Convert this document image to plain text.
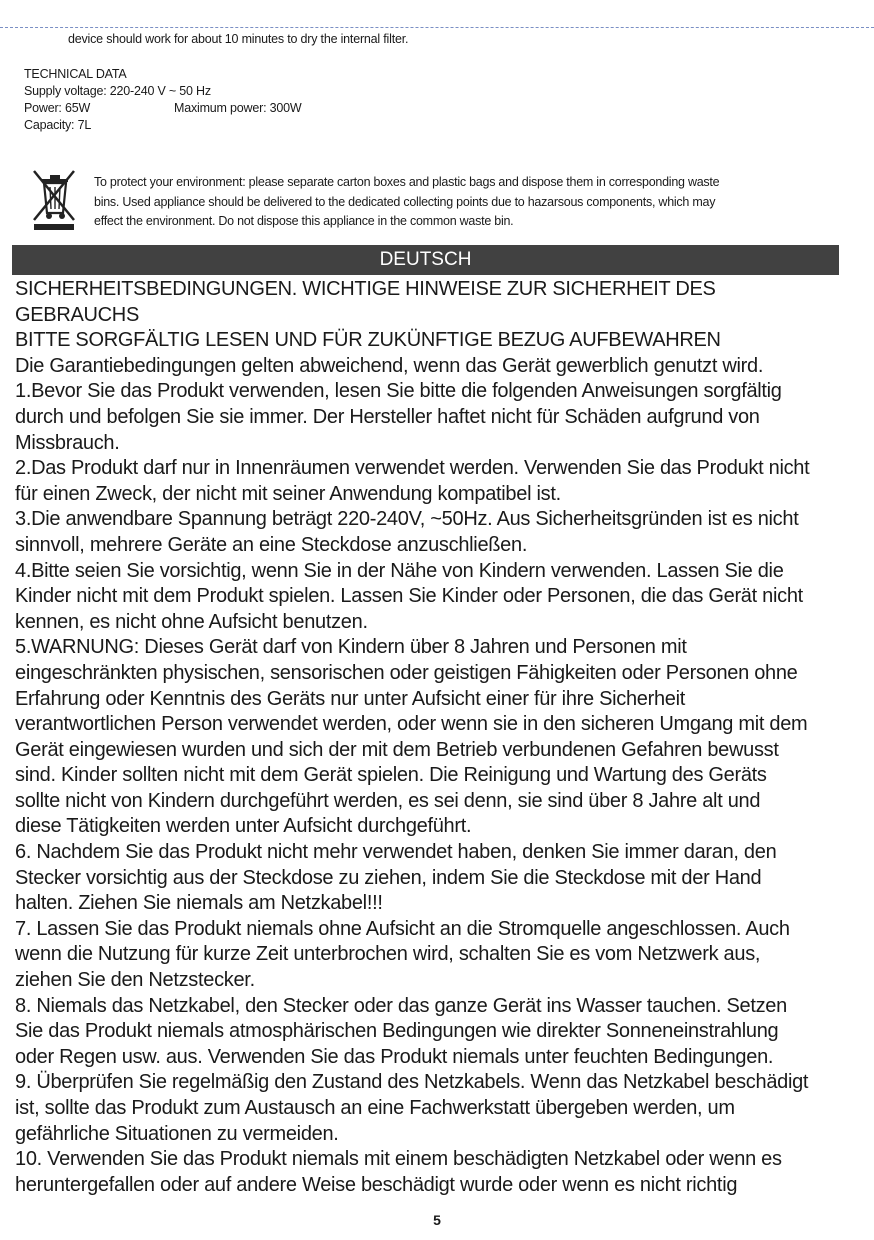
device should work for about 10 minutes to dry the internal filter.
TECHNICAL DATA
Supply voltage: 220-240 V ~ 50 Hz
Power: 65W	Maximum power: 300W
Capacity: 7L
To protect your environment: please separate carton boxes and plastic bags and dispose them in corresponding waste
bins. Used appliance should be delivered to the dedicated collecting points due to hazarsous components, which may
effect the environment. Do not dispose this appliance in the common waste bin.
DEUTSCH
SICHERHEITSBEDINGUNGEN. WICHTIGE HINWEISE ZUR SICHERHEIT DES
GEBRAUCHS
BITTE SORGFÄLTIG LESEN UND FÜR ZUKÜNFTIGE BEZUG AUFBEWAHREN
Die Garantiebedingungen gelten abweichend, wenn das Gerät gewerblich genutzt wird.
1.Bevor Sie das Produkt verwenden, lesen Sie bitte die folgenden Anweisungen sorgfältig
durch und befolgen Sie sie immer. Der Hersteller haftet nicht für Schäden aufgrund von
Missbrauch.
2.Das Produkt darf nur in Innenräumen verwendet werden. Verwenden Sie das Produkt nicht
für einen Zweck, der nicht mit seiner Anwendung kompatibel ist.
3.Die anwendbare Spannung beträgt 220-240V, ~50Hz. Aus Sicherheitsgründen ist es nicht
sinnvoll, mehrere Geräte an eine Steckdose anzuschließen.
4.Bitte seien Sie vorsichtig, wenn Sie in der Nähe von Kindern verwenden. Lassen Sie die
Kinder nicht mit dem Produkt spielen. Lassen Sie Kinder oder Personen, die das Gerät nicht
kennen, es nicht ohne Aufsicht benutzen.
5.WARNUNG: Dieses Gerät darf von Kindern über 8 Jahren und Personen mit
eingeschränkten physischen, sensorischen oder geistigen Fähigkeiten oder Personen ohne
Erfahrung oder Kenntnis des Geräts nur unter Aufsicht einer für ihre Sicherheit
verantwortlichen Person verwendet werden, oder wenn sie in den sicheren Umgang mit dem
Gerät eingewiesen wurden und sich der mit dem Betrieb verbundenen Gefahren bewusst
sind. Kinder sollten nicht mit dem Gerät spielen. Die Reinigung und Wartung des Geräts
sollte nicht von Kindern durchgeführt werden, es sei denn, sie sind über 8 Jahre alt und
diese Tätigkeiten werden unter Aufsicht durchgeführt.
6. Nachdem Sie das Produkt nicht mehr verwendet haben, denken Sie immer daran, den
Stecker vorsichtig aus der Steckdose zu ziehen, indem Sie die Steckdose mit der Hand
halten. Ziehen Sie niemals am Netzkabel!!!
7. Lassen Sie das Produkt niemals ohne Aufsicht an die Stromquelle angeschlossen. Auch
wenn die Nutzung für kurze Zeit unterbrochen wird, schalten Sie es vom Netzwerk aus,
ziehen Sie den Netzstecker.
8. Niemals das Netzkabel, den Stecker oder das ganze Gerät ins Wasser tauchen. Setzen
Sie das Produkt niemals atmosphärischen Bedingungen wie direkter Sonneneinstrahlung
oder Regen usw. aus. Verwenden Sie das Produkt niemals unter feuchten Bedingungen.
9. Überprüfen Sie regelmäßig den Zustand des Netzkabels. Wenn das Netzkabel beschädigt
ist, sollte das Produkt zum Austausch an eine Fachwerkstatt übergeben werden, um
gefährliche Situationen zu vermeiden.
10. Verwenden Sie das Produkt niemals mit einem beschädigten Netzkabel oder wenn es
heruntergefallen oder auf andere Weise beschädigt wurde oder wenn es nicht richtig
5
